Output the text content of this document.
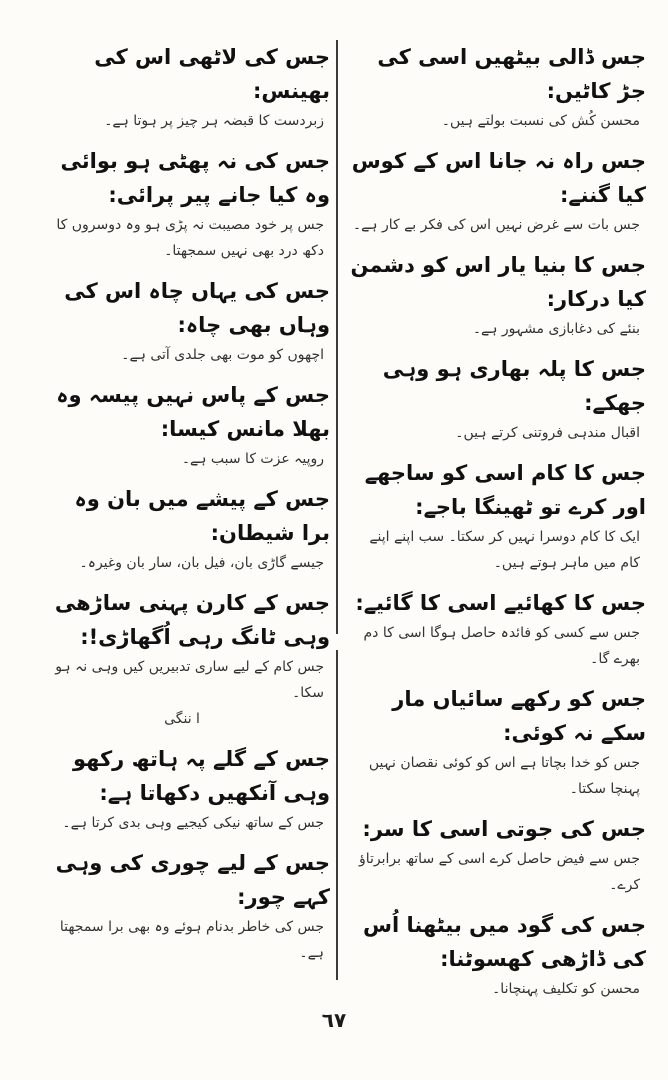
جس ڈالی بیٹھیں اسی کی جڑ کاٹیں:
محسن کُش کی نسبت بولتے ہیں۔
جس راہ نہ جانا اس کے کوس کیا گننے:
جس بات سے غرض نہیں اس کی فکر بے کار ہے۔
جس کا بنیا یار اس کو دشمن کیا درکار:
بنئے کی دغابازی مشہور ہے۔
جس کا پلہ بھاری ہو وہی جھکے:
اقبال مندہی فروتنی کرتے ہیں۔
جس کا کام اسی کو ساجھے اور کرے تو ٹھینگا باجے:
ایک کا کام دوسرا نہیں کر سکتا۔ سب اپنے اپنے کام میں ماہر ہوتے ہیں۔
جس کا کھائیے اسی کا گائیے:
جس سے کسی کو فائدہ حاصل ہوگا اسی کا دم بھرے گا۔
جس کو رکھے سائیاں مار سکے نہ کوئی:
جس کو خدا بچاتا ہے اس کو کوئی نقصان نہیں پہنچا سکتا۔
جس کی جوتی اسی کا سر:
جس سے فیض حاصل کرے اسی کے ساتھ برابرتاؤ کرے۔
جس کی گود میں بیٹھنا اُس کی ڈاڑھی کھسوٹنا:
محسن کو تکلیف پہنچانا۔
جس کی لاٹھی اس کی بھینس:
زبردست کا قبضہ ہر چیز پر ہوتا ہے۔
جس کی نہ پھٹی ہو بوائی وہ کیا جانے پیر پرائی:
جس پر خود مصیبت نہ پڑی ہو وہ دوسروں کا دکھ درد بھی نہیں سمجھتا۔
جس کی یہاں چاہ اس کی وہاں بھی چاہ:
اچھوں کو موت بھی جلدی آتی ہے۔
جس کے پاس نہیں پیسہ وہ بھلا مانس کیسا:
روپیہ عزت کا سبب ہے۔
جس کے پیشے میں بان وہ برا شیطان:
جیسے گاڑی بان، فیل بان، سار بان وغیرہ۔
جس کے کارن پہنی ساڑھی وہی ٹانگ رہی اُگھاڑی!:
جس کام کے لیے ساری تدبیریں کیں وہی نہ ہو سکا۔
ا ننگی
جس کے گلے پہ ہاتھ رکھو وہی آنکھیں دکھاتا ہے:
جس کے ساتھ نیکی کیجیے وہی بدی کرتا ہے۔
جس کے لیے چوری کی وہی کہے چور:
جس کی خاطر بدنام ہوئے وہ بھی برا سمجھتا ہے۔
٦٧
